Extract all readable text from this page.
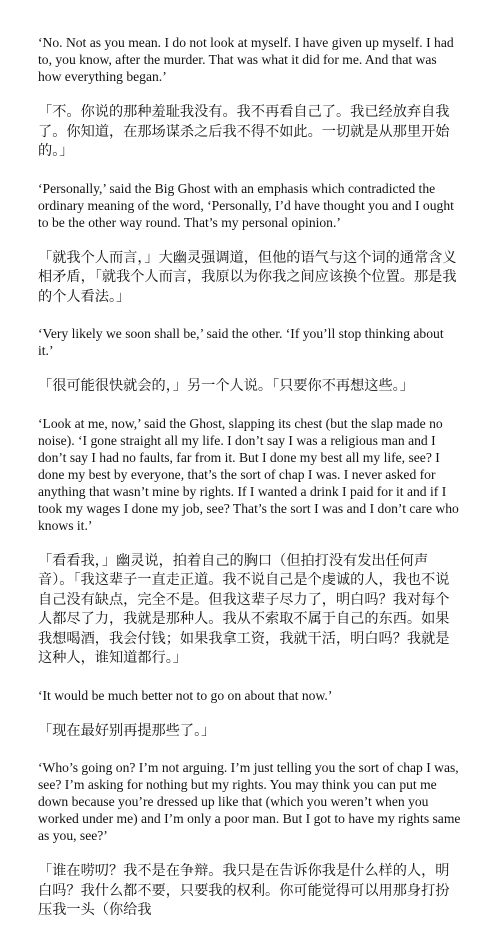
‘No. Not as you mean. I do not look at myself. I have given up myself. I had to, you know, after the murder. That was what it did for me. And that was how everything began.’

「不。你说的那种羞耻我没有。我不再看自己了。我已经放弃自我了。你知道，在那场谋杀之后我不得不如此。一切就是从那里开始的。」

‘Personally,’ said the Big Ghost with an emphasis which contradicted the ordinary meaning of the word, ‘Personally, I’d have thought you and I ought to be the other way round. That’s my personal opinion.’

「就我个人而言，」大幽灵强调道，但他的语气与这个词的通常含义相矛盾，「就我个人而言，我原以为你我之间应该换个位置。那是我的个人看法。」

‘Very likely we soon shall be,’ said the other. ‘If you’ll stop thinking about it.’

「很可能很快就会的，」另一个人说。「只要你不再想这些。」

‘Look at me, now,’ said the Ghost, slapping its chest (but the slap made no noise). ‘I gone straight all my life. I don’t say I was a religious man and I don’t say I had no faults, far from it. But I done my best all my life, see? I done my best by everyone, that’s the sort of chap I was. I never asked for anything that wasn’t mine by rights. If I wanted a drink I paid for it and if I took my wages I done my job, see? That’s the sort I was and I don’t care who knows it.’

「看看我，」幽灵说，拍着自己的胸口（但拍打没有发出任何声音）。「我这辈子一直走正道。我不说自己是个虔诚的人，我也不说自己没有缺点，完全不是。但我这辈子尽力了，明白吗？我对每个人都尽了力，我就是那种人。我从不索取不属于自己的东西。如果我想喝酒，我会付钱；如果我拿工资，我就干活，明白吗？我就是这种人，谁知道都行。」

‘It would be much better not to go on about that now.’

「现在最好别再提那些了。」

‘Who’s going on? I’m not arguing. I’m just telling you the sort of chap I was, see? I’m asking for nothing but my rights. You may think you can put me down because you’re dressed up like that (which you weren’t when you worked under me) and I’m only a poor man. But I got to have my rights same as you, see?’

「谁在唠叨？我不是在争辩。我只是在告诉你我是什么样的人，明白吗？我什么都不要，只要我的权利。你可能觉得可以用那身打扮压我一头（你给我
